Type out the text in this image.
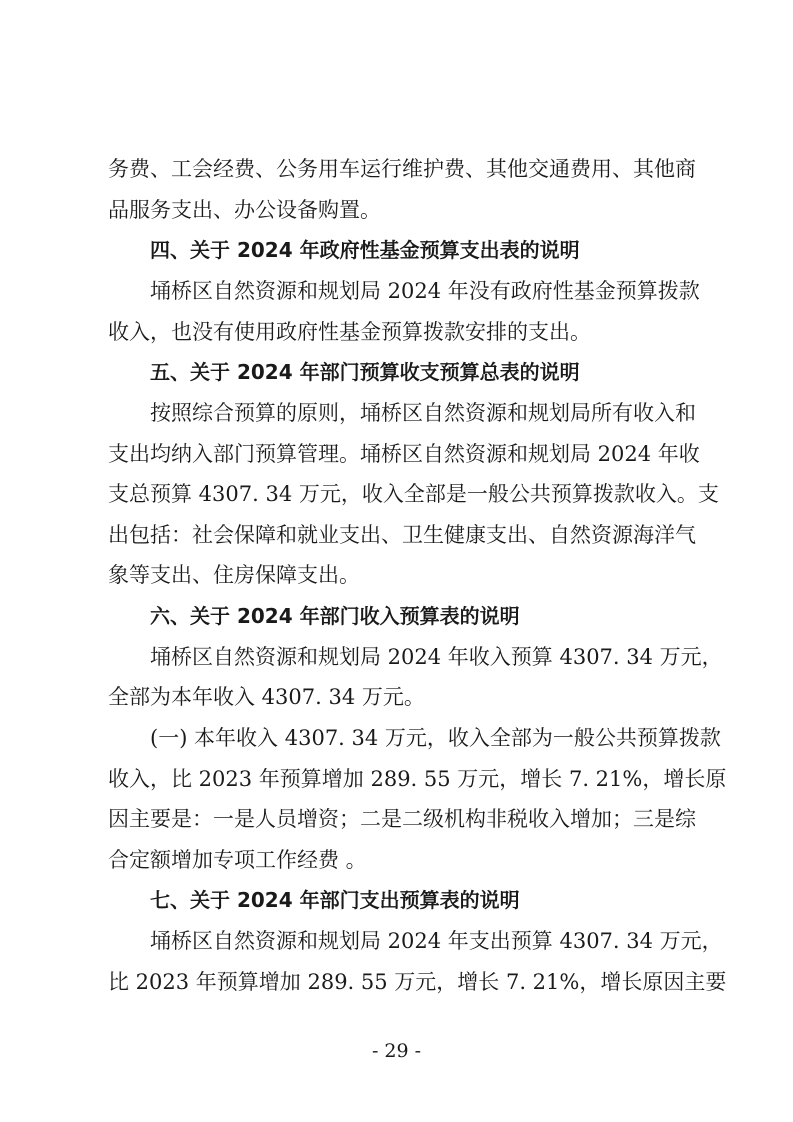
务费、工会经费、公务用车运行维护费、其他交通费用、其他商
品服务支出、办公设备购置。
四、关于 2024 年政府性基金预算支出表的说明
埇桥区自然资源和规划局 2024 年没有政府性基金预算拨款
收入，也没有使用政府性基金预算拨款安排的支出。
五、关于 2024 年部门预算收支预算总表的说明
按照综合预算的原则，埇桥区自然资源和规划局所有收入和
支出均纳入部门预算管理。埇桥区自然资源和规划局 2024 年收
支总预算 4307. 34 万元，收入全部是一般公共预算拨款收入。支
出包括：社会保障和就业支出、卫生健康支出、自然资源海洋气
象等支出、住房保障支出。
六、关于 2024 年部门收入预算表的说明
埇桥区自然资源和规划局 2024 年收入预算 4307. 34 万元，
全部为本年收入 4307. 34 万元。
(一) 本年收入 4307. 34 万元，收入全部为一般公共预算拨款
收入，比 2023 年预算增加 289. 55 万元，增长 7. 21%，增长原
因主要是：一是人员增资；二是二级机构非税收入增加；三是综
合定额增加专项工作经费 。
七、关于 2024 年部门支出预算表的说明
埇桥区自然资源和规划局 2024 年支出预算 4307. 34 万元，
比 2023 年预算增加 289. 55 万元，增长 7. 21%，增长原因主要
- 29 -
